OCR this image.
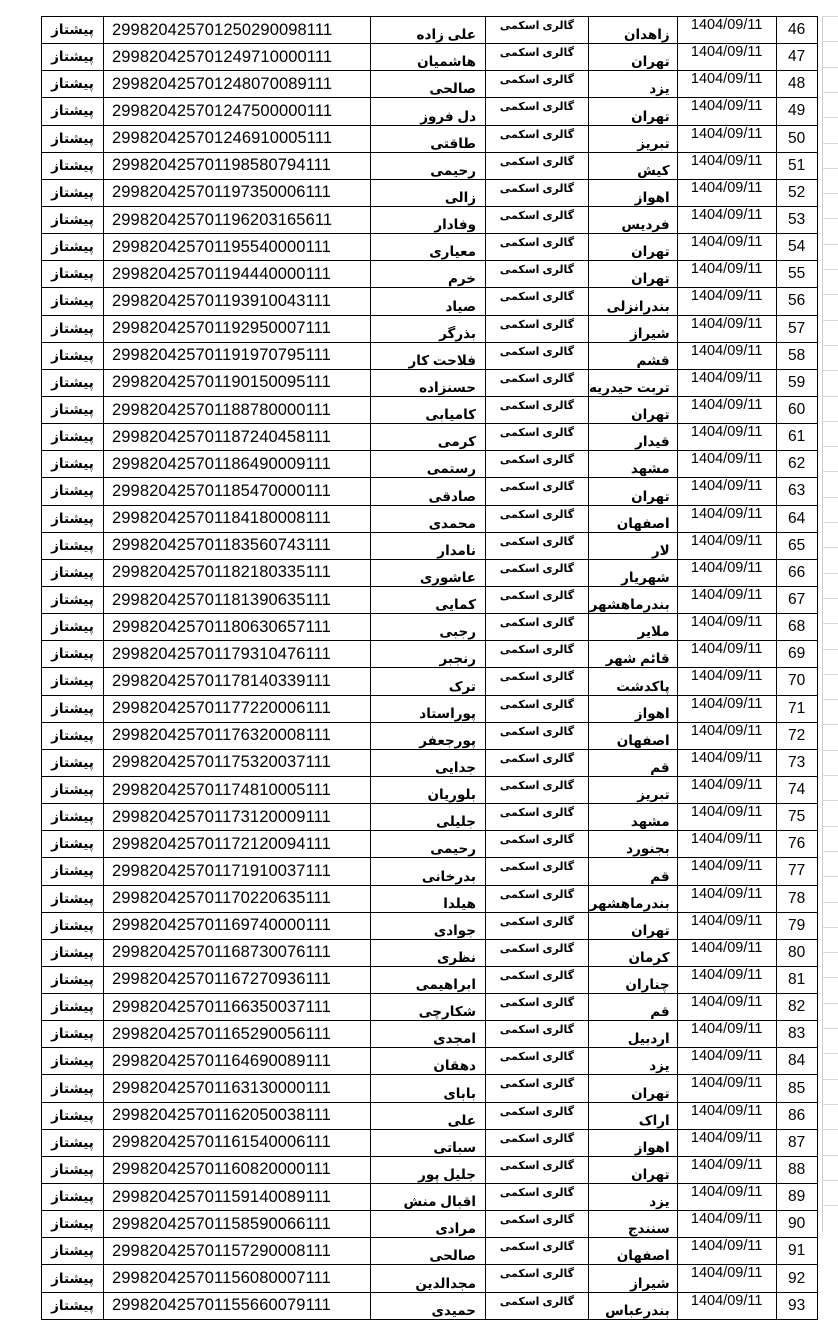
پیشتاز	299820425701250290098111	علی زاده	گالری اسکمی	زاهدان	1404/09/11	46
پیشتاز	299820425701249710000111	هاشمیان	گالری اسکمی	تهران	1404/09/11	47
پیشتاز	299820425701248070089111	صالحی	گالری اسکمی	یزد	1404/09/11	48
پیشتاز	299820425701247500000111	دل فروز	گالری اسکمی	تهران	1404/09/11	49
پیشتاز	299820425701246910005111	طاقتی	گالری اسکمی	تبریز	1404/09/11	50
پیشتاز	299820425701198580794111	رحیمی	گالری اسکمی	کیش	1404/09/11	51
پیشتاز	299820425701197350006111	زالی	گالری اسکمی	اهواز	1404/09/11	52
پیشتاز	299820425701196203165611	وفادار	گالری اسکمی	فردیس	1404/09/11	53
پیشتاز	299820425701195540000111	معیاری	گالری اسکمی	تهران	1404/09/11	54
پیشتاز	299820425701194440000111	خرم	گالری اسکمی	تهران	1404/09/11	55
پیشتاز	299820425701193910043111	صیاد	گالری اسکمی	بندرانزلی	1404/09/11	56
پیشتاز	299820425701192950007111	بذرگر	گالری اسکمی	شیراز	1404/09/11	57
پیشتاز	299820425701191970795111	فلاحت کار	گالری اسکمی	قشم	1404/09/11	58
پیشتاز	299820425701190150095111	حسنزاده	گالری اسکمی	تربت حیدریه	1404/09/11	59
پیشتاز	299820425701188780000111	کامیابی	گالری اسکمی	تهران	1404/09/11	60
پیشتاز	299820425701187240458111	کرمی	گالری اسکمی	قیدار	1404/09/11	61
پیشتاز	299820425701186490009111	رستمی	گالری اسکمی	مشهد	1404/09/11	62
پیشتاز	299820425701185470000111	صادقی	گالری اسکمی	تهران	1404/09/11	63
پیشتاز	299820425701184180008111	محمدی	گالری اسکمی	اصفهان	1404/09/11	64
پیشتاز	299820425701183560743111	نامدار	گالری اسکمی	لار	1404/09/11	65
پیشتاز	299820425701182180335111	عاشوری	گالری اسکمی	شهریار	1404/09/11	66
پیشتاز	299820425701181390635111	کمایی	گالری اسکمی	بندرماهشهر	1404/09/11	67
پیشتاز	299820425701180630657111	رجبی	گالری اسکمی	ملایر	1404/09/11	68
پیشتاز	299820425701179310476111	رنجبر	گالری اسکمی	قائم شهر	1404/09/11	69
پیشتاز	299820425701178140339111	ترک	گالری اسکمی	پاکدشت	1404/09/11	70
پیشتاز	299820425701177220006111	پوراستاد	گالری اسکمی	اهواز	1404/09/11	71
پیشتاز	299820425701176320008111	پورجعفر	گالری اسکمی	اصفهان	1404/09/11	72
پیشتاز	299820425701175320037111	جدایی	گالری اسکمی	قم	1404/09/11	73
پیشتاز	299820425701174810005111	بلوریان	گالری اسکمی	تبریز	1404/09/11	74
پیشتاز	299820425701173120009111	جلیلی	گالری اسکمی	مشهد	1404/09/11	75
پیشتاز	299820425701172120094111	رحیمی	گالری اسکمی	بجنورد	1404/09/11	76
پیشتاز	299820425701171910037111	بدرخانی	گالری اسکمی	قم	1404/09/11	77
پیشتاز	299820425701170220635111	هیلدا	گالری اسکمی	بندرماهشهر	1404/09/11	78
پیشتاز	299820425701169740000111	جوادی	گالری اسکمی	تهران	1404/09/11	79
پیشتاز	299820425701168730076111	نظری	گالری اسکمی	کرمان	1404/09/11	80
پیشتاز	299820425701167270936111	ابراهیمی	گالری اسکمی	چناران	1404/09/11	81
پیشتاز	299820425701166350037111	شکارچی	گالری اسکمی	قم	1404/09/11	82
پیشتاز	299820425701165290056111	امجدی	گالری اسکمی	اردبیل	1404/09/11	83
پیشتاز	299820425701164690089111	دهقان	گالری اسکمی	یزد	1404/09/11	84
پیشتاز	299820425701163130000111	بابای	گالری اسکمی	تهران	1404/09/11	85
پیشتاز	299820425701162050038111	علی	گالری اسکمی	اراک	1404/09/11	86
پیشتاز	299820425701161540006111	سباتی	گالری اسکمی	اهواز	1404/09/11	87
پیشتاز	299820425701160820000111	جلیل پور	گالری اسکمی	تهران	1404/09/11	88
پیشتاز	299820425701159140089111	اقبال منش	گالری اسکمی	یزد	1404/09/11	89
پیشتاز	299820425701158590066111	مرادی	گالری اسکمی	سنندج	1404/09/11	90
پیشتاز	299820425701157290008111	صالحی	گالری اسکمی	اصفهان	1404/09/11	91
پیشتاز	299820425701156080007111	مجدالدین	گالری اسکمی	شیراز	1404/09/11	92
پیشتاز	299820425701155660079111	حمیدی	گالری اسکمی	بندرعباس	1404/09/11	93
